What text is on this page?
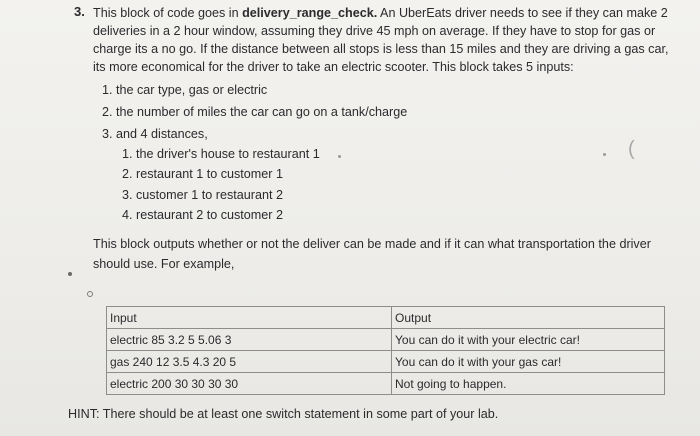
3. This block of code goes in delivery_range_check. An UberEats driver needs to see if they can make 2
deliveries in a 2 hour window, assuming they drive 45 mph on average. If they have to stop for gas or
charge its a no go. If the distance between all stops is less than 15 miles and they are driving a gas car,
its more economical for the driver to take an electric scooter. This block takes 5 inputs:
1. the car type, gas or electric
2. the number of miles the car can go on a tank/charge
3. and 4 distances,
1. the driver's house to restaurant 1
2. restaurant 1 to customer 1
3. customer 1 to restaurant 2
4. restaurant 2 to customer 2
(
This block outputs whether or not the deliver can be made and if it can what transportation the driver
should use. For example,
Input	Output
electric 85 3.2 5 5.06 3	You can do it with your electric car!
gas 240 12 3.5 4.3 20 5	You can do it with your gas car!
electric 200 30 30 30 30	Not going to happen.
HINT: There should be at least one switch statement in some part of your lab.
